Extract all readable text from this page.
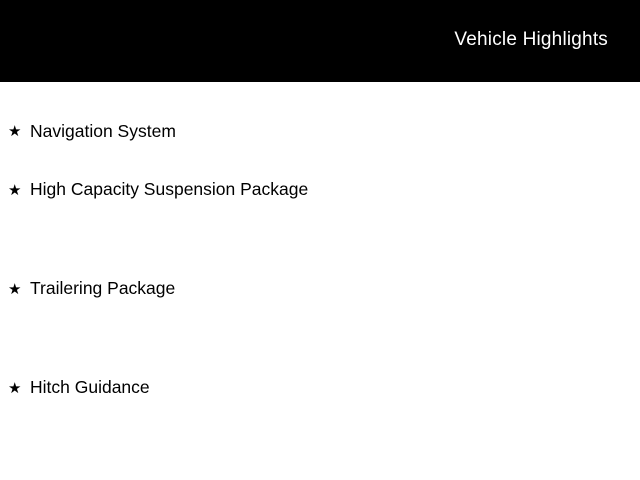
Vehicle Highlights
★ Navigation System
★ High Capacity Suspension Package
★ Trailering Package
★ Hitch Guidance
